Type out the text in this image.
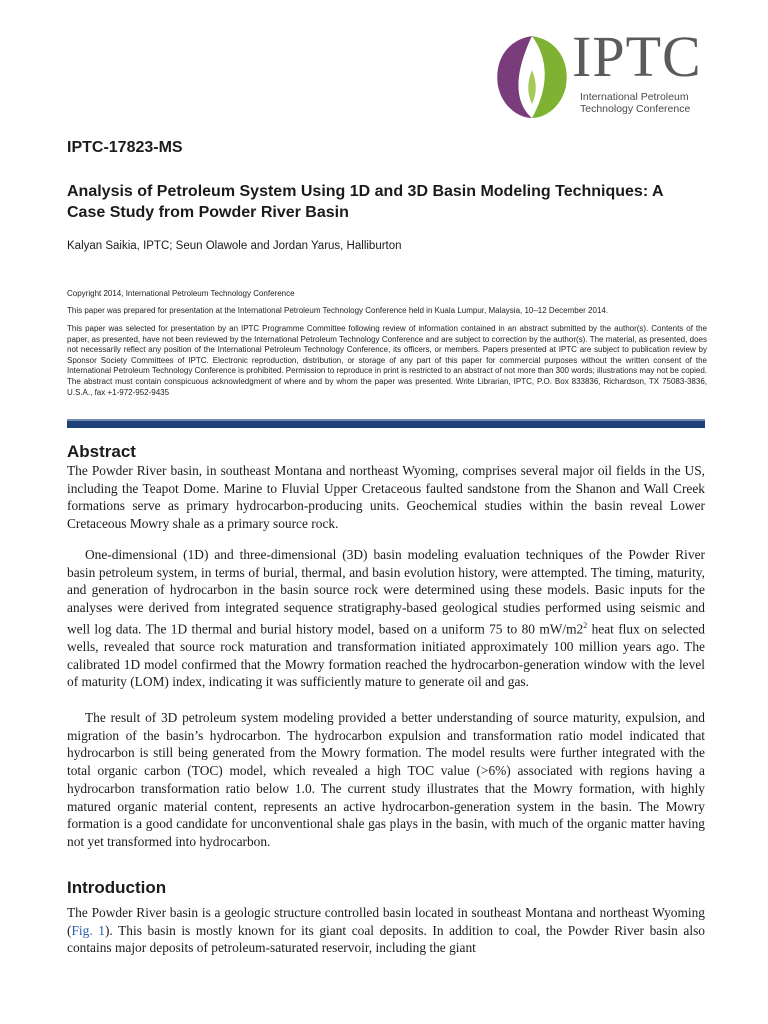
IPTC
International Petroleum
Technology Conference

IPTC-17823-MS

Analysis of Petroleum System Using 1D and 3D Basin Modeling Techniques: A Case Study from Powder River Basin

Kalyan Saikia, IPTC; Seun Olawole and Jordan Yarus, Halliburton

Copyright 2014, International Petroleum Technology Conference

This paper was prepared for presentation at the International Petroleum Technology Conference held in Kuala Lumpur, Malaysia, 10–12 December 2014.

This paper was selected for presentation by an IPTC Programme Committee following review of information contained in an abstract submitted by the author(s). Contents of the paper, as presented, have not been reviewed by the International Petroleum Technology Conference and are subject to correction by the author(s). The material, as presented, does not necessarily reflect any position of the International Petroleum Technology Conference, its officers, or members. Papers presented at IPTC are subject to publication review by Sponsor Society Committees of IPTC. Electronic reproduction, distribution, or storage of any part of this paper for commercial purposes without the written consent of the International Petroleum Technology Conference is prohibited. Permission to reproduce in print is restricted to an abstract of not more than 300 words; illustrations may not be copied. The abstract must contain conspicuous acknowledgment of where and by whom the paper was presented. Write Librarian, IPTC, P.O. Box 833836, Richardson, TX 75083-3836, U.S.A., fax +1-972-952-9435

Abstract

The Powder River basin, in southeast Montana and northeast Wyoming, comprises several major oil fields in the US, including the Teapot Dome. Marine to Fluvial Upper Cretaceous faulted sandstone from the Shanon and Wall Creek formations serve as primary hydrocarbon-producing units. Geochemical studies within the basin reveal Lower Cretaceous Mowry shale as a primary source rock.

One-dimensional (1D) and three-dimensional (3D) basin modeling evaluation techniques of the Powder River basin petroleum system, in terms of burial, thermal, and basin evolution history, were attempted. The timing, maturity, and generation of hydrocarbon in the basin source rock were determined using these models. Basic inputs for the analyses were derived from integrated sequence stratigraphy-based geological studies performed using seismic and well log data. The 1D thermal and burial history model, based on a uniform 75 to 80 $mW/m2^2$ heat flux on selected wells, revealed that source rock maturation and transformation initiated approximately 100 million years ago. The calibrated 1D model confirmed that the Mowry formation reached the hydrocarbon-generation window with the level of maturity (LOM) index, indicating it was sufficiently mature to generate oil and gas.

The result of 3D petroleum system modeling provided a better understanding of source maturity, expulsion, and migration of the basin’s hydrocarbon. The hydrocarbon expulsion and transformation ratio model indicated that hydrocarbon is still being generated from the Mowry formation. The model results were further integrated with the total organic carbon (TOC) model, which revealed a high TOC value (>6%) associated with regions having a hydrocarbon transformation ratio below 1.0. The current study illustrates that the Mowry formation, with highly matured organic material content, represents an active hydrocarbon-generation system in the basin. The Mowry formation is a good candidate for unconventional shale gas plays in the basin, with much of the organic matter having not yet transformed into hydrocarbon.

Introduction

The Powder River basin is a geologic structure controlled basin located in southeast Montana and northeast Wyoming (Fig. 1). This basin is mostly known for its giant coal deposits. In addition to coal, the Powder River basin also contains major deposits of petroleum-saturated reservoir, including the giant
